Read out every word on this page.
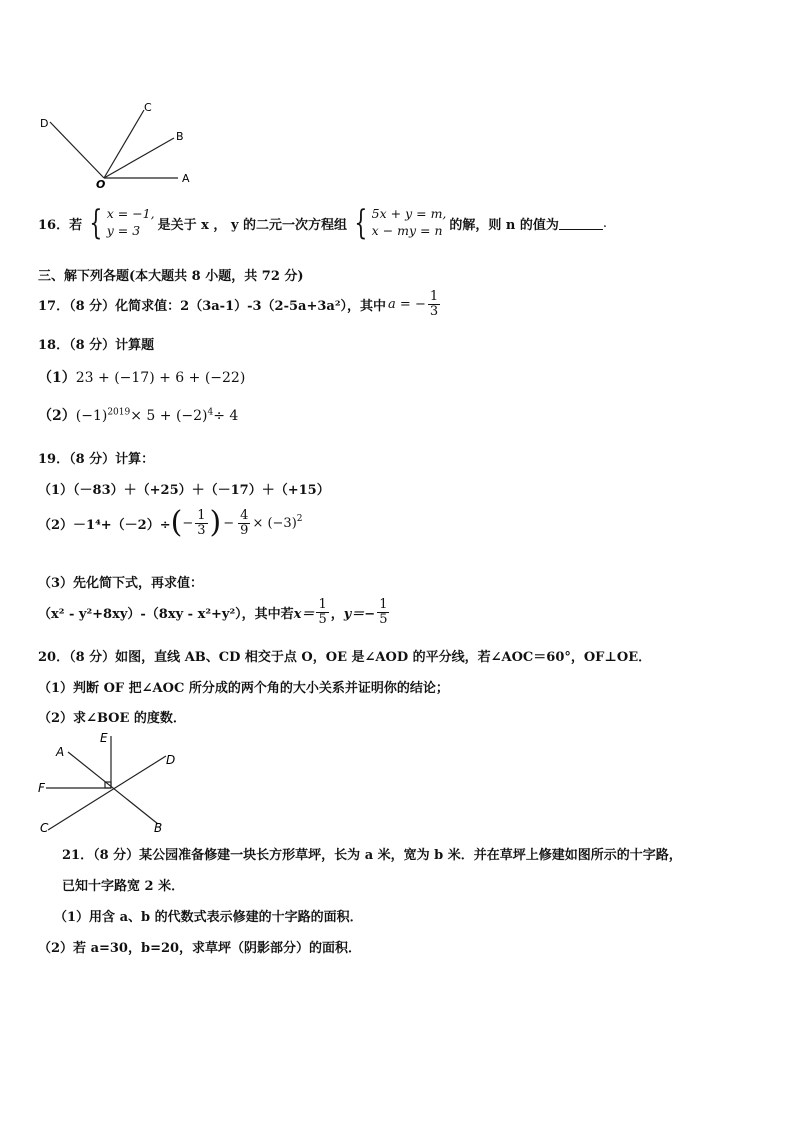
D
C
B
O	A
16．若 { x = −1,
y = 3	是关于 x ， y 的二元一次方程组 { 5x + y = m,
x − my = n 的解，则 n 的值为	.
三、解下列各题(本大题共 8 小题，共 72 分)
17．（8 分）化简求值：2（3a-1）-3（2-5a+3a²），其中 a = − $\frac{1}{3}$
18．（8 分）计算题
（1）23 + (−17) + 6 + (−22)
$(2)(-1)^{2019}\times 5 + (-2)^4\div 4$
19．（8 分）计算：
（1）（－83）＋（+25）＋（－17）＋（+15）
（2）－1⁴+（－2）÷ ( − $\frac{1}{3}$ ) − $\frac{4}{9} \times (-3)^2$
（3）先化简下式，再求值：
（x² - y²+8xy）-（8xy - x²+y²），其中若 $x= \frac{1}{5}$ ， $y=- \frac{1}{5}$
20．（8 分）如图，直线 AB、CD 相交于点 O，OE 是∠AOD 的平分线，若∠AOC＝60°，OF⊥OE．
（1）判断 OF 把∠AOC 所分成的两个角的大小关系并证明你的结论；
（2）求∠BOE 的度数．
A
E
D
F
C	B
21．（8 分）某公园准备修建一块长方形草坪，长为 a 米，宽为 b 米．并在草坪上修建如图所示的十字路，
已知十字路宽 2 米．
（1）用含 a、b 的代数式表示修建的十字路的面积．
（2）若 a=30，b=20，求草坪（阴影部分）的面积．
